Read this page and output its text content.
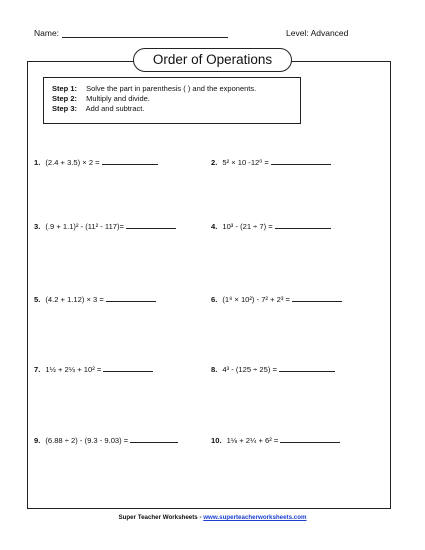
Name:	Level: Advanced
Order of Operations
Step 1: Solve the part in parenthesis ( ) and the exponents.
Step 2: Multiply and divide.
Step 3: Add and subtract.
1. (2.4 + 3.5) × 2 =	2. 5² × 10 -12⁰ =
3. (.9 + 1.1)² - (11² - 117)=	4. 10³ - (21 ÷ 7) =
5. (4.2 + 1.12) × 3 =	6. (1⁸ × 10²) - 7² + 2³ =
7. 1½ + 2⅓ + 10² =	8. 4³ - (125 ÷ 25) =
9. (6.88 ÷ 2) - (9.3 - 9.03) =	10. 1⅛ + 2¼ + 6² =
Super Teacher Worksheets - www.superteacherworksheets.com
